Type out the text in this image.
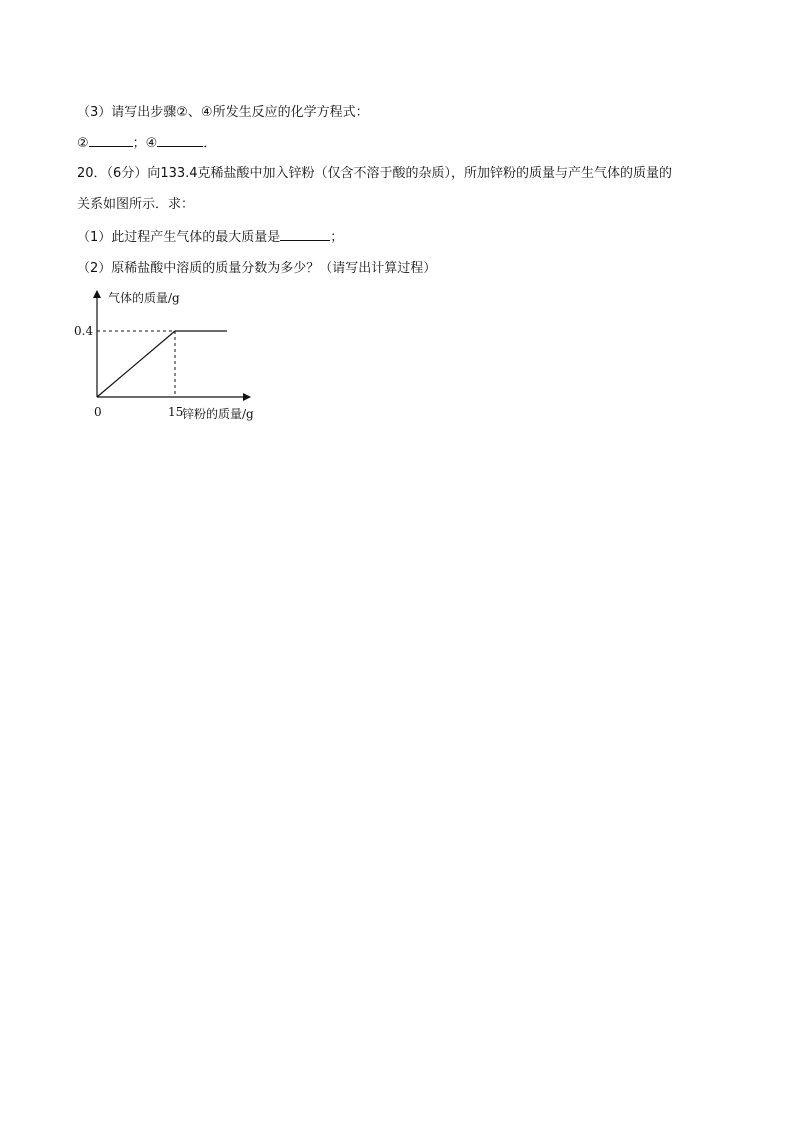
（3）请写出步骤②、④所发生反应的化学方程式：
②	；④	．
20．（6分）向133.4克稀盐酸中加入锌粉（仅含不溶于酸的杂质），所加锌粉的质量与产生气体的质量的
关系如图所示．求：
（1）此过程产生气体的最大质量是	；
（2）原稀盐酸中溶质的质量分数为多少？（请写出计算过程）
气体的质量/g
锌粉的质量/g
0
0.4
15
